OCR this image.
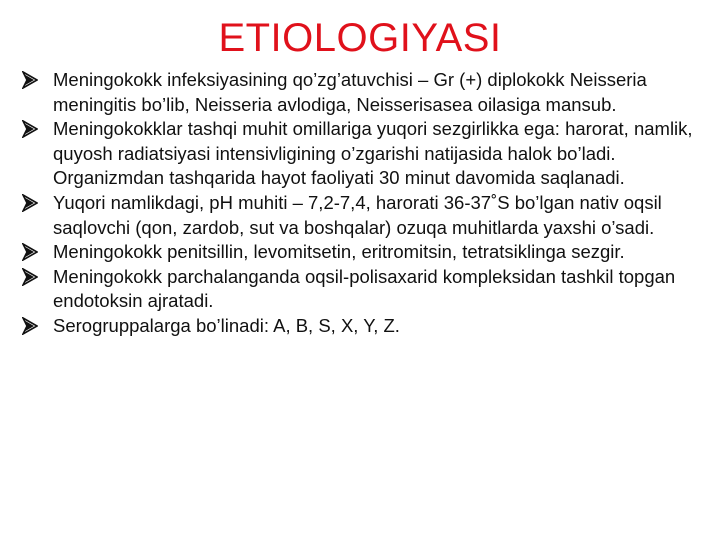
ETIOLOGIYASI
Meningokokk infeksiyasining qo’zg’atuvchisi – Gr (+) diplokokk Neisseria meningitis bo’lib, Neisseria avlodiga, Neisserisasea oilasiga mansub.
Meningokokklar tashqi muhit omillariga yuqori sezgirlikka ega: harorat, namlik, quyosh radiatsiyasi intensivligining o’zgarishi natijasida halok bo’ladi. Organizmdan tashqarida hayot faoliyati 30 minut davomida saqlanadi.
Yuqori namlikdagi, pH muhiti – 7,2-7,4, harorati 36-37˚S bo’lgan nativ oqsil saqlovchi (qon, zardob, sut va boshqalar) ozuqa muhitlarda yaxshi o’sadi.
Meningokokk penitsillin, levomitsetin, eritromitsin, tetratsiklinga sezgir.
Meningokokk parchalanganda oqsil-polisaxarid kompleksidan tashkil topgan endotoksin ajratadi.
Serogruppalarga bo’linadi: A, B, S, X, Y, Z.
